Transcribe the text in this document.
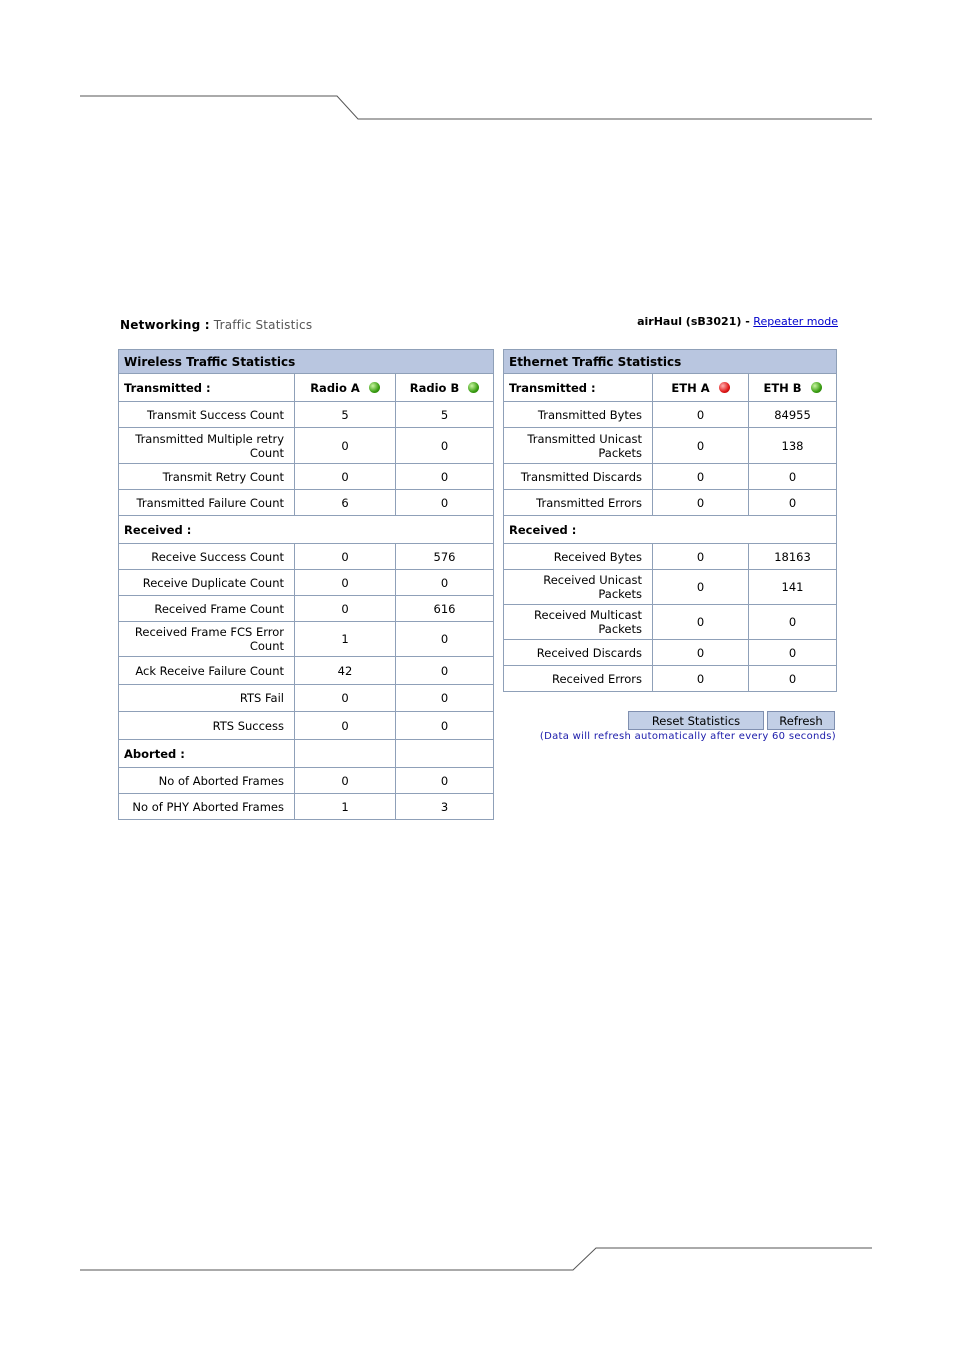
Networking : Traffic Statistics	airHaul (sB3021) - Repeater mode
Wireless Traffic Statistics		
Transmitted :	Radio A	Radio B
Transmit Success Count	5	5
Transmitted Multiple retry Count	0	0
Transmit Retry Count	0	0
Transmitted Failure Count	6	0
Received :		
Receive Success Count	0	576
Receive Duplicate Count	0	0
Received Frame Count	0	616
Received Frame FCS Error Count	1	0
Ack Receive Failure Count	42	0
RTS Fail	0	0
RTS Success	0	0
Aborted :		
No of Aborted Frames	0	0
No of PHY Aborted Frames	1	3
Ethernet Traffic Statistics		
Transmitted :	ETH A	ETH B
Transmitted Bytes	0	84955
Transmitted Unicast Packets	0	138
Transmitted Discards	0	0
Transmitted Errors	0	0
Received :		
Received Bytes	0	18163
Received Unicast Packets	0	141
Received Multicast Packets	0	0
Received Discards	0	0
Received Errors	0	0
Reset Statistics	Refresh
(Data will refresh automatically after every 60 seconds)
